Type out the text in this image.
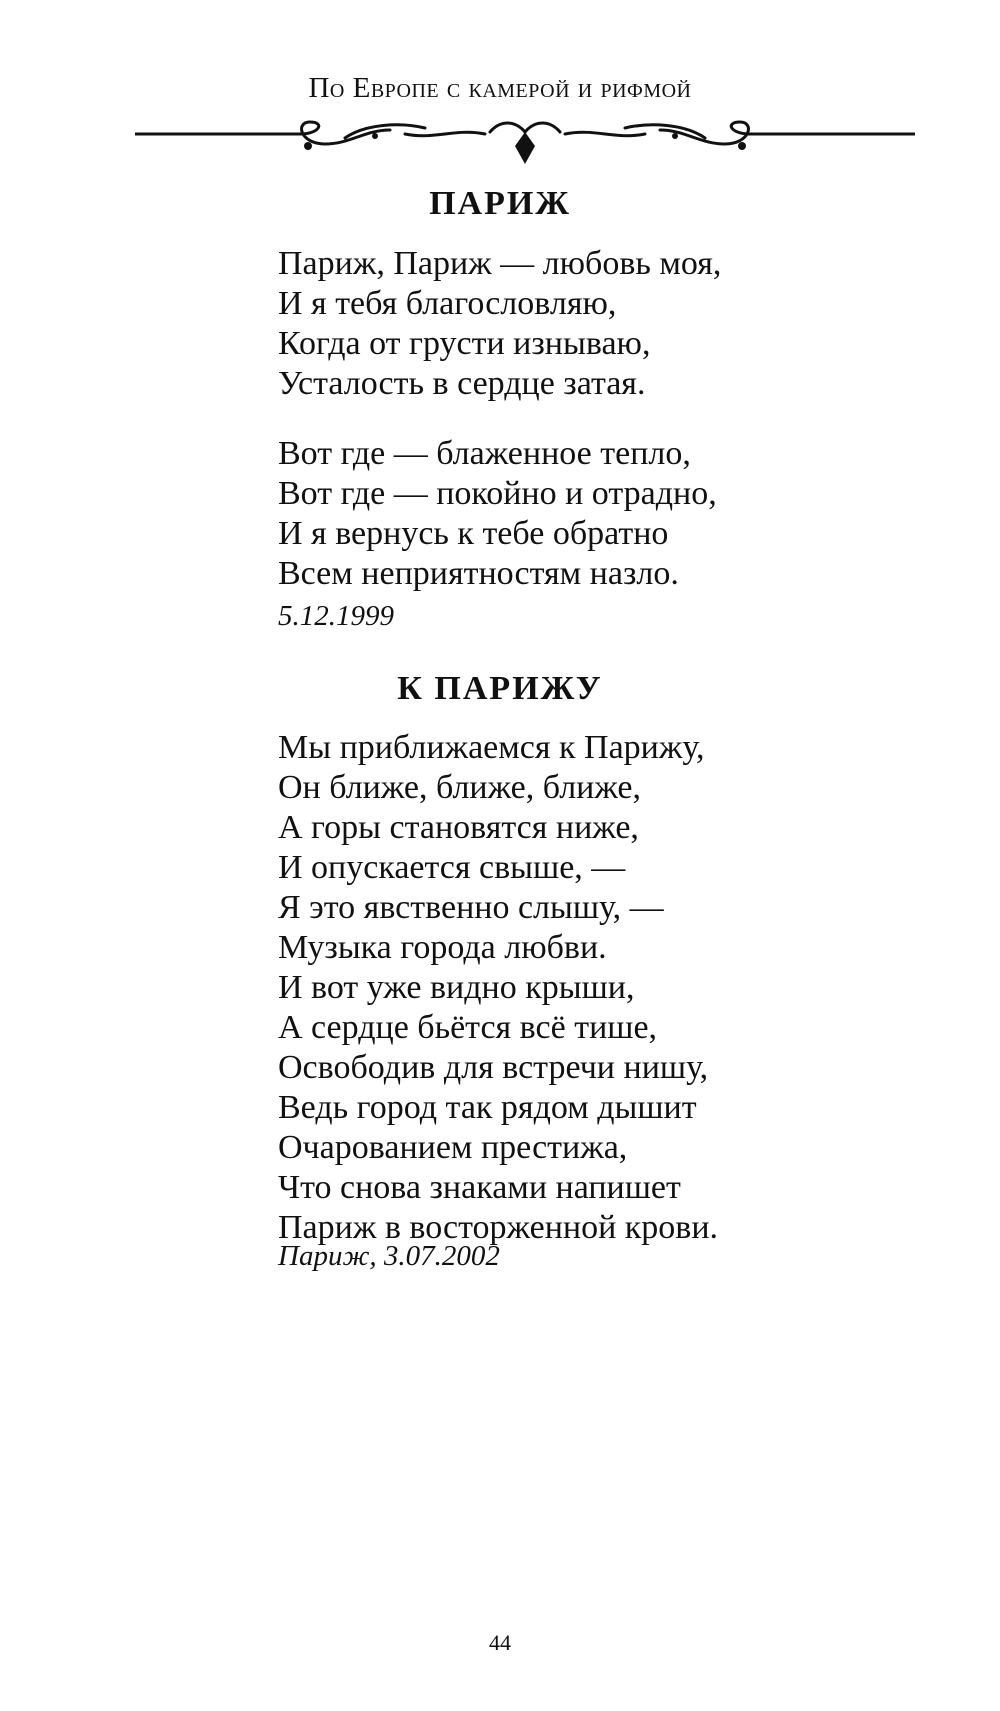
По Европе с камерой и рифмой
ПАРИЖ
Париж, Париж — любовь моя,
И я тебя благословляю,
Когда от грусти изнываю,
Усталость в сердце затая.
Вот где — блаженное тепло,
Вот где — покойно и отрадно,
И я вернусь к тебе обратно
Всем неприятностям назло.

5.12.1999

К ПАРИЖУ
Мы приближаемся к Парижу,
Он ближе, ближе, ближе,
А горы становятся ниже,
И опускается свыше, —
Я это явственно слышу, —
Музыка города любви.
И вот уже видно крыши,
А сердце бьётся всё тише,
Освободив для встречи нишу,
Ведь город так рядом дышит
Очарованием престижа,
Что снова знаками напишет
Париж в восторженной крови.

Париж, 3.07.2002

44
